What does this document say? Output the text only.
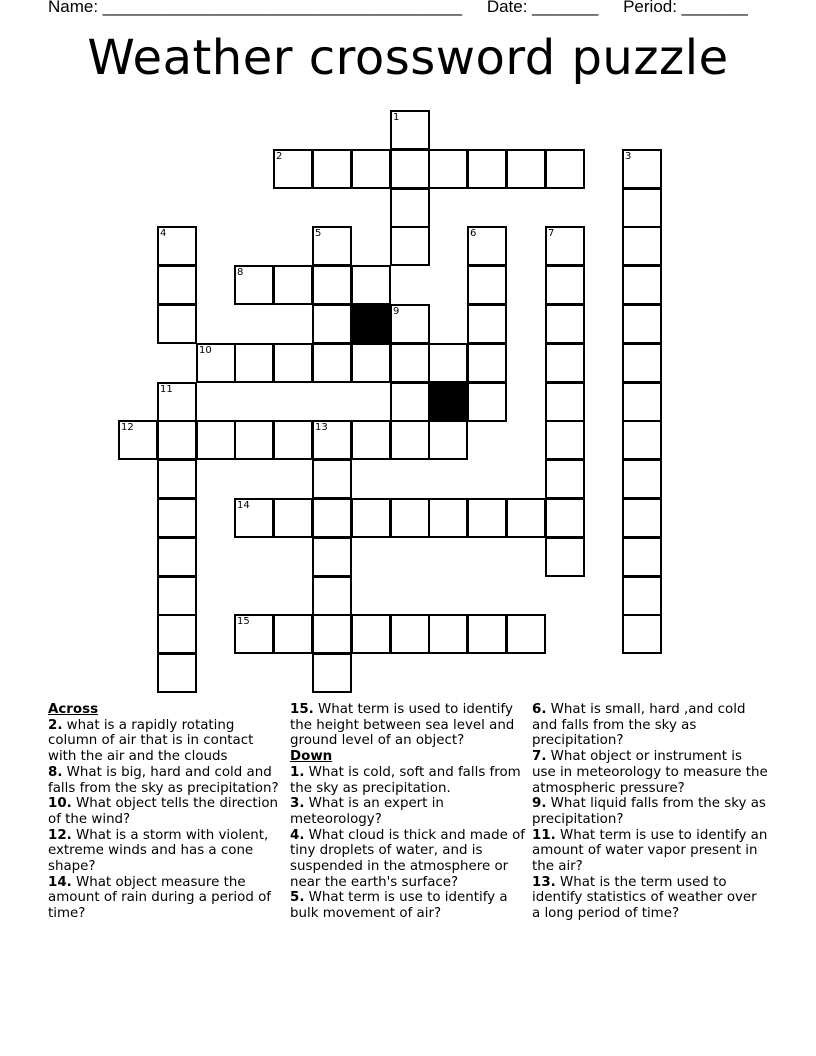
Name: ______________________________________ Date: _______ Period: _______
Weather crossword puzzle
1
2	3
4	5	6	7
8
9
10
11
12	13
14
15

Across

2. what is a rapidly rotating column of air that is in contact with the air and the clouds

8. What is big, hard and cold and falls from the sky as precipitation?

10. What object tells the direction of the wind?

12. What is a storm with violent, extreme winds and has a cone shape?

14. What object measure the amount of rain during a period of time?

15. What term is used to identify the height between sea level and ground level of an object?

Down

1. What is cold, soft and falls from the sky as precipitation.

3. What is an expert in meteorology?

4. What cloud is thick and made of tiny droplets of water, and is suspended in the atmosphere or near the earth's surface?

5. What term is use to identify a bulk movement of air?

6. What is small, hard ,and cold and falls from the sky as precipitation?

7. What object or instrument is use in meteorology to measure the atmospheric pressure?

9. What liquid falls from the sky as precipitation?

11. What term is use to identify an amount of water vapor present in the air?

13. What is the term used to identify statistics of weather over a long period of time?
